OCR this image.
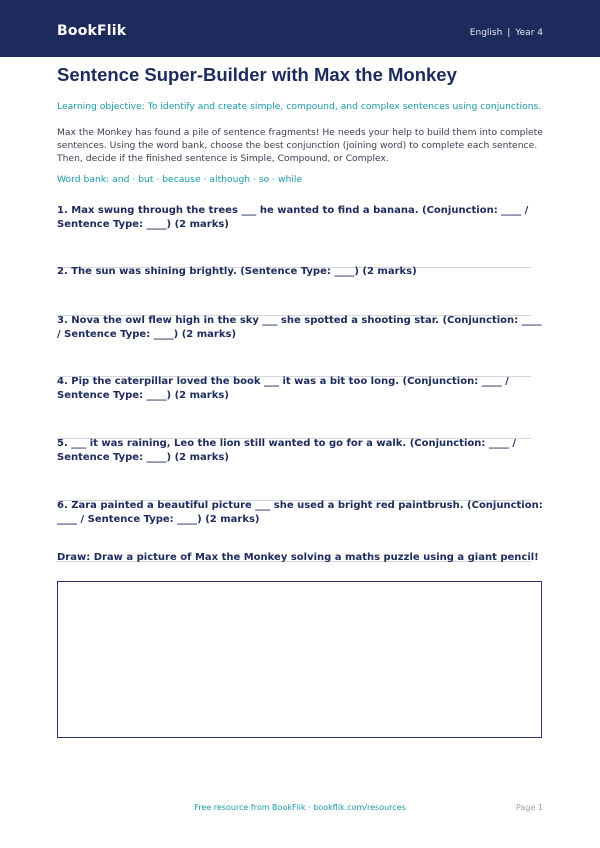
BookFlik	English | Year 4
Sentence Super-Builder with Max the Monkey
Learning objective: To identify and create simple, compound, and complex sentences using conjunctions.
Max the Monkey has found a pile of sentence fragments! He needs your help to build them into complete sentences. Using the word bank, choose the best conjunction (joining word) to complete each sentence. Then, decide if the finished sentence is Simple, Compound, or Complex.
Word bank: and · but · because · although · so · while
1. Max swung through the trees ___ he wanted to find a banana. (Conjunction: ____ / Sentence Type: ____) (2 marks)
2. The sun was shining brightly. (Sentence Type: ____) (2 marks)
3. Nova the owl flew high in the sky ___ she spotted a shooting star. (Conjunction: ____ / Sentence Type: ____) (2 marks)
4. Pip the caterpillar loved the book ___ it was a bit too long. (Conjunction: ____ / Sentence Type: ____) (2 marks)
5. ___ it was raining, Leo the lion still wanted to go for a walk. (Conjunction: ____ / Sentence Type: ____) (2 marks)
6. Zara painted a beautiful picture ___ she used a bright red paintbrush. (Conjunction: ____ / Sentence Type: ____) (2 marks)
Draw: Draw a picture of Max the Monkey solving a maths puzzle using a giant pencil!
Free resource from BookFlik · bookflik.com/resources	Page 1
